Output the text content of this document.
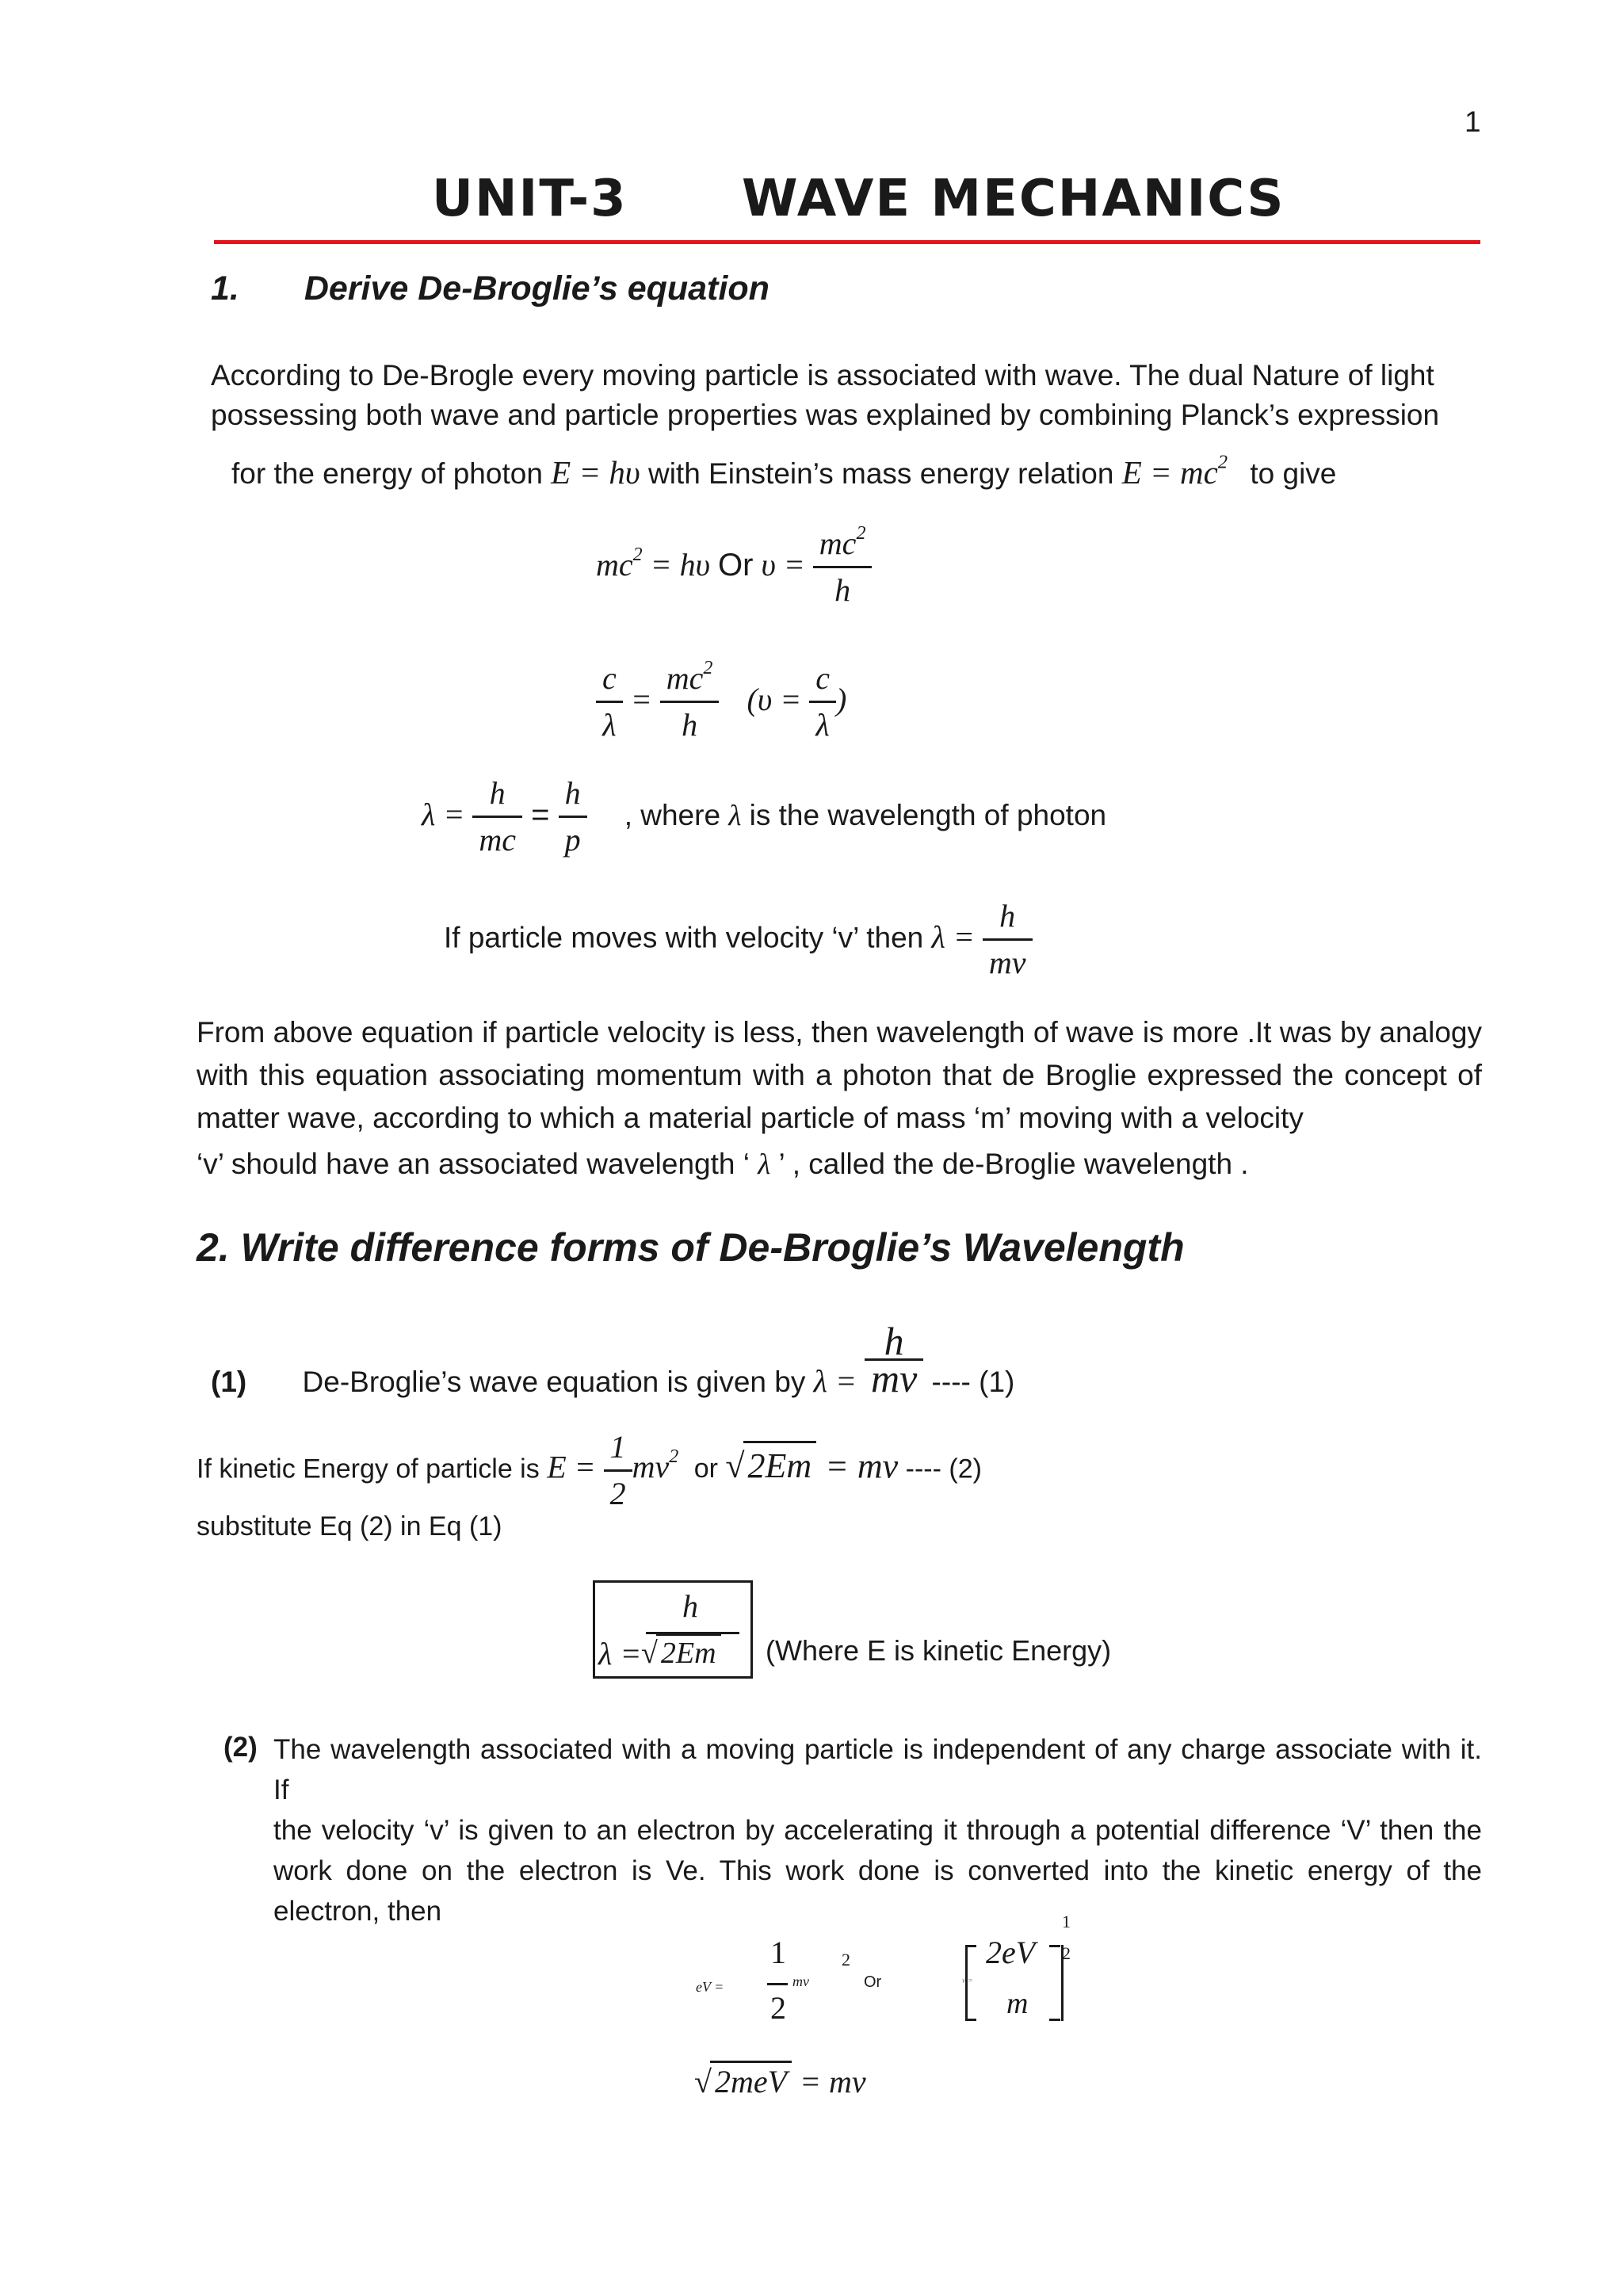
1
UNIT-3 WAVE MECHANICS
1. Derive De-Broglie’s equation
According to De-Brogle every moving particle is associated with wave. The dual Nature of light
possessing both wave and particle properties was explained by combining Planck’s expression
for the energy of photon E = hυ with Einstein’s mass energy relation $E = mc^2$ to give
$mc^2 = h\upsilon$ Or $\upsilon = \frac{mc^2}{h}$
$\frac{c}{\lambda} = \frac{mc^2}{h} (\upsilon = \frac{c}{\lambda}$ )
$\lambda = \frac{h}{mc} = \frac{h}{p}$ , where λ is the wavelength of photon
If particle moves with velocity ‘v’ then $\lambda = \frac{h}{mv}$
From above equation if particle velocity is less, then wavelength of wave is more .It was by analogy
with this equation associating momentum with a photon that de Broglie expressed the concept of
matter wave, according to which a material particle of mass ‘m’ moving with a velocity
‘v’ should have an associated wavelength ‘ λ ’ , called the de-Broglie wavelength .
2. Write difference forms of De-Broglie’s Wavelength
(1) De-Broglie’s wave equation is given by $\lambda = \frac{h}{mv}$ ---- (1)
If kinetic Energy of particle is $E = \frac{1}{2} mv^2$ or √2Em = mv ---- (2)
substitute Eq (2) in Eq (1)
h
λ = √ 2Em (Where E is kinetic Energy)
(2) The wavelength associated with a moving particle is independent of any charge associate with it. If
the velocity ‘v’ is given to an electron by accelerating it through a potential difference ‘V’ then the
work done on the electron is Ve. This work done is converted into the kinetic energy of the
electron, then
eV =
1
2
mv
2
Or	v =
2eV
m
1
2
√ 2meV = mv
